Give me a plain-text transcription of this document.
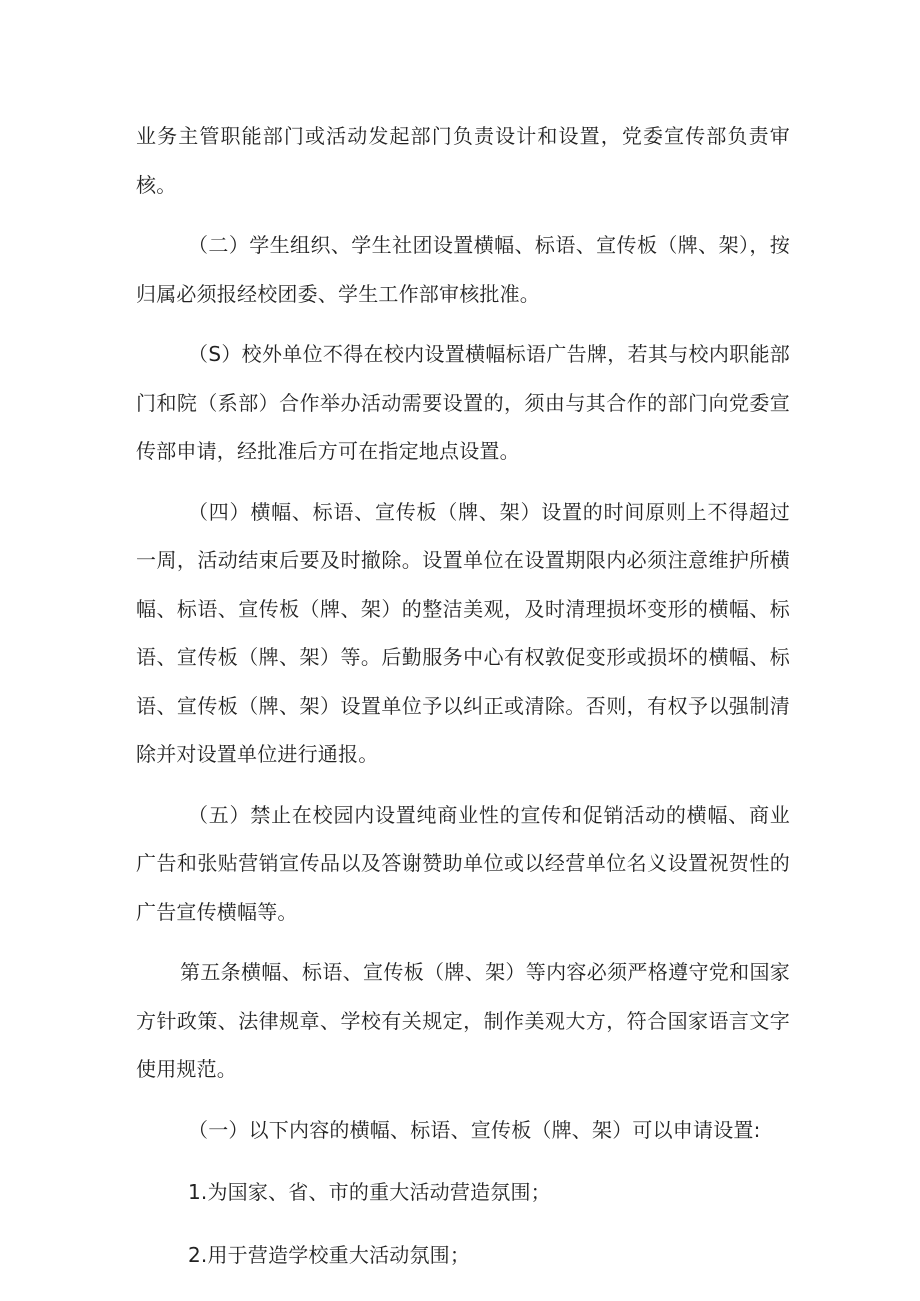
业务主管职能部门或活动发起部门负责设计和设置，党委宣传部负责审核。

（二）学生组织、学生社团设置横幅、标语、宣传板（牌、架），按归属必须报经校团委、学生工作部审核批准。

（S）校外单位不得在校内设置横幅标语广告牌，若其与校内职能部门和院（系部）合作举办活动需要设置的，须由与其合作的部门向党委宣传部申请，经批准后方可在指定地点设置。

（四）横幅、标语、宣传板（牌、架）设置的时间原则上不得超过一周，活动结束后要及时撤除。设置单位在设置期限内必须注意维护所横幅、标语、宣传板（牌、架）的整洁美观，及时清理损坏变形的横幅、标语、宣传板（牌、架）等。后勤服务中心有权敦促变形或损坏的横幅、标语、宣传板（牌、架）设置单位予以纠正或清除。否则，有权予以强制清除并对设置单位进行通报。

（五）禁止在校园内设置纯商业性的宣传和促销活动的横幅、商业广告和张贴营销宣传品以及答谢赞助单位或以经营单位名义设置祝贺性的广告宣传横幅等。

第五条横幅、标语、宣传板（牌、架）等内容必须严格遵守党和国家方针政策、法律规章、学校有关规定，制作美观大方，符合国家语言文字使用规范。

（一）以下内容的横幅、标语、宣传板（牌、架）可以申请设置:

1.为国家、省、市的重大活动营造氛围；

2.用于营造学校重大活动氛围；
